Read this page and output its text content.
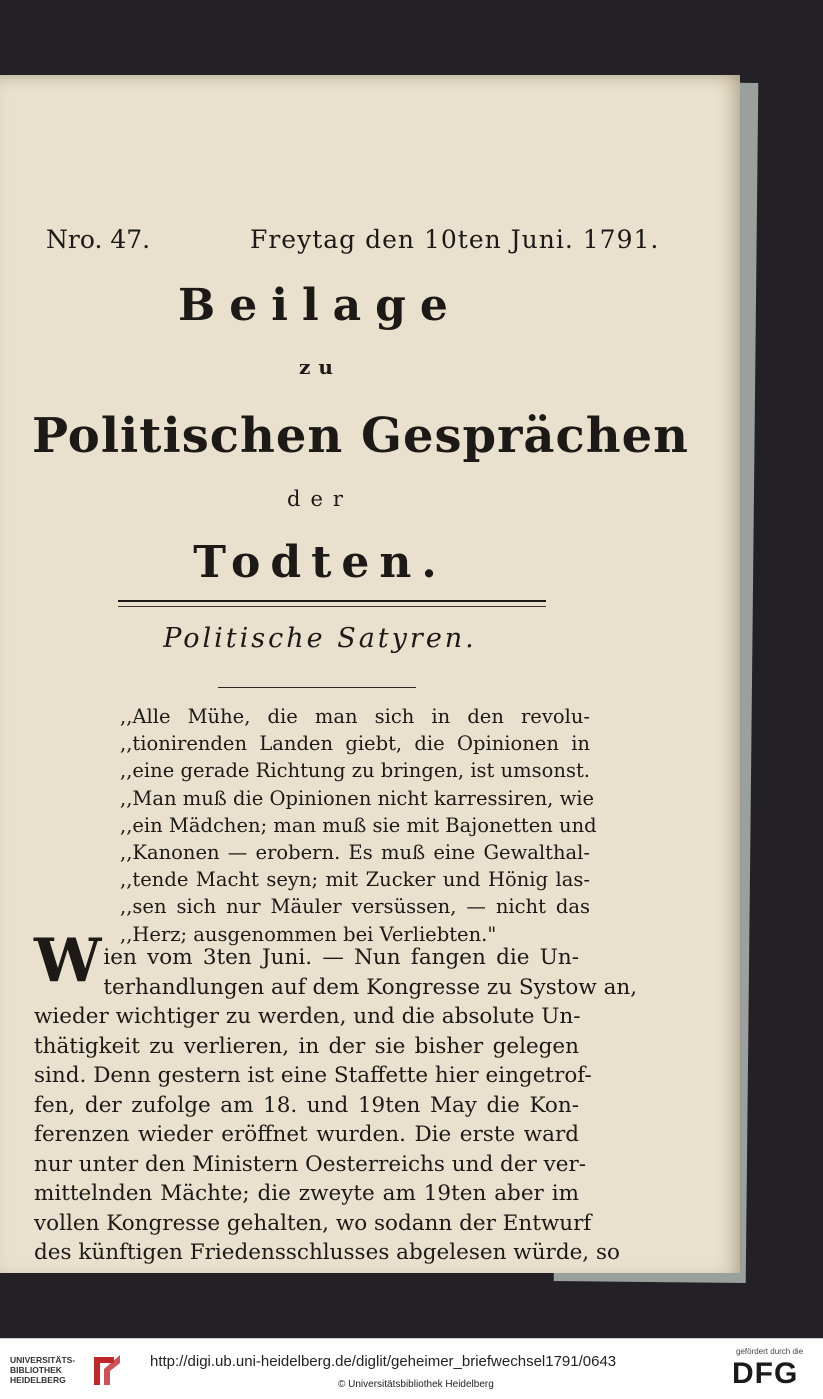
Nro. 47.	Freytag den 10ten Juni. 1791.

Beilage

zu

Politischen Gesprächen

der

Todten.

Politische Satyren.

,,Alle Mühe, die man sich in den revolu-
,,tionirenden Landen giebt, die Opinionen in
,,eine gerade Richtung zu bringen, ist umsonst.
,,Man muß die Opinionen nicht karressiren, wie
,,ein Mädchen; man muß sie mit Bajonetten und
,,Kanonen — erobern. Es muß eine Gewalthal-
,,tende Macht seyn; mit Zucker und Hönig las-
,,sen sich nur Mäuler versüssen, — nicht das
,,Herz; ausgenommen bei Verliebten."
W ien vom 3ten Juni. — Nun fangen die Un-
terhandlungen auf dem Kongresse zu Systow an,
wieder wichtiger zu werden, und die absolute Un-
thätigkeit zu verlieren, in der sie bisher gelegen
sind. Denn gestern ist eine Staffette hier eingetrof-
fen, der zufolge am 18. und 19ten May die Kon-
ferenzen wieder eröffnet wurden. Die erste ward
nur unter den Ministern Oesterreichs und der ver-
mittelnden Mächte; die zweyte am 19ten aber im
vollen Kongresse gehalten, wo sodann der Entwurf
des künftigen Friedensschlusses abgelesen würde, so
UNIVERSITÄTS-
BIBLIOTHEK
HEIDELBERG
http://digi.ub.uni-heidelberg.de/diglit/geheimer_briefwechsel1791/0643
© Universitätsbibliothek Heidelberg
gefördert durch die
DFG
